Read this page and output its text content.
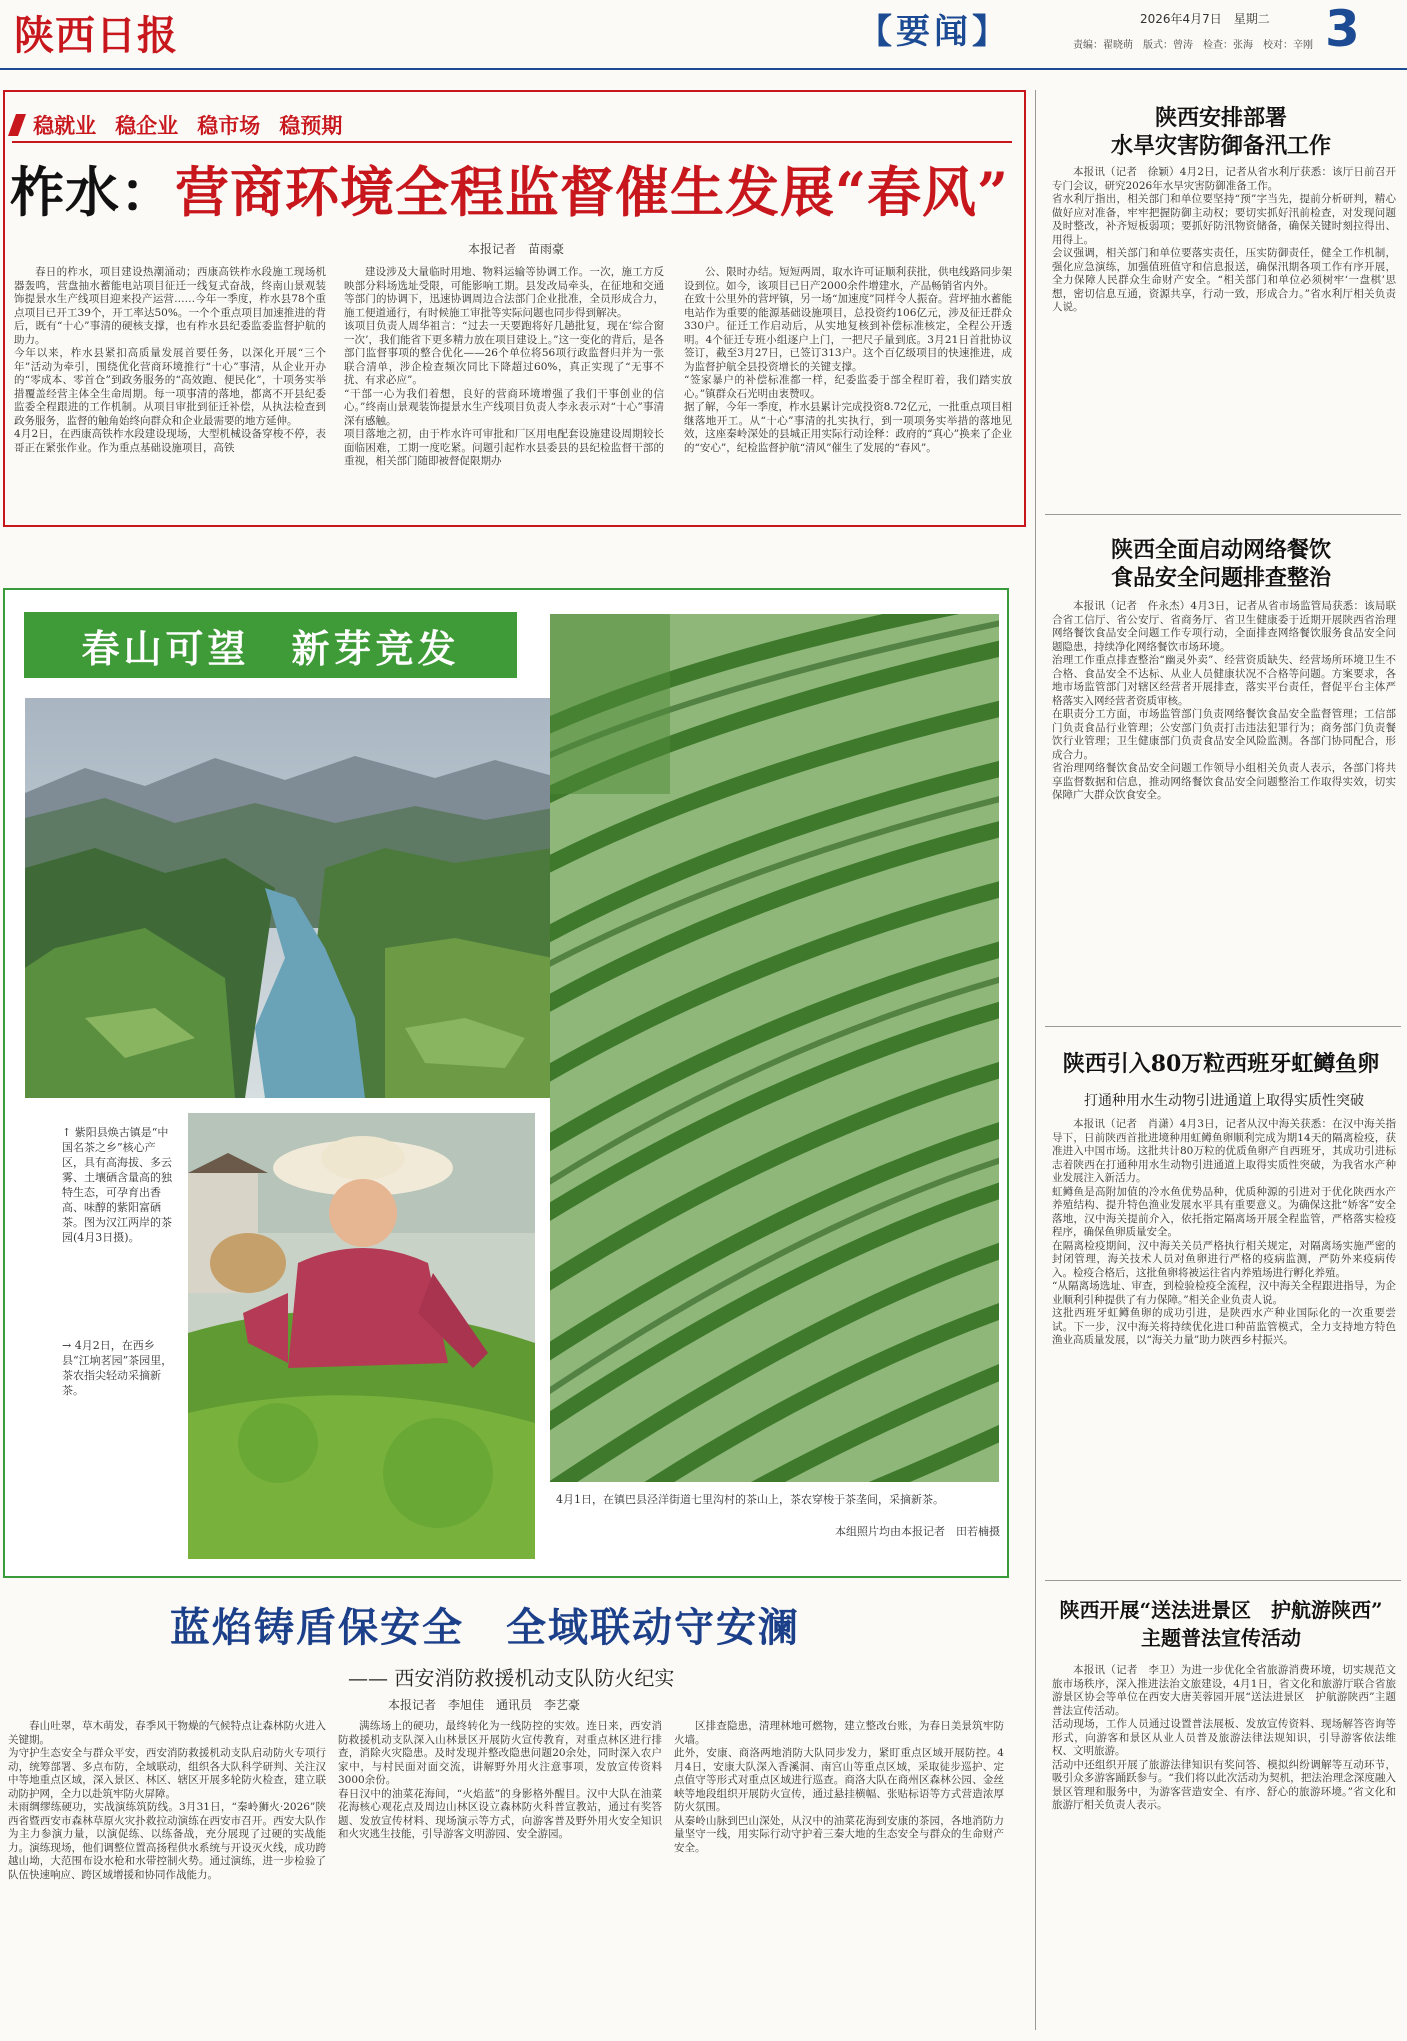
陕西日报	【要闻】	2026年4月7日　星期二
责编：翟晓萌　版式：曾涛　检查：张海　校对：辛刚 3
稳就业 稳企业 稳市场 稳预期
柞水：营商环境全程监督催生发展“春风”
本报记者　苗雨豪

春日的柞水，项目建设热潮涌动；西康高铁柞水段施工现场机器轰鸣，营盘抽水蓄能电站项目征迁一线复式奋战，终南山景观装饰提景水生产线项目迎来投产运营……今年一季度，柞水县78个重点项目已开工39个，开工率达50%。一个个重点项目加速推进的背后，既有“十心”事清的硬核支撑，也有柞水县纪委监委监督护航的助力。
今年以来，柞水县紧扣高质量发展首要任务，以深化开展“三个年”活动为牵引，围绕优化营商环境推行“十心”事清，从企业开办的“零成本、零首仓”到政务服务的“高效跑、便民化”，十项务实举措覆盖经营主体全生命周期。每一项事清的落地，都离不开县纪委监委全程跟进的工作机制。从项目审批到征迁补偿，从执法检查到政务服务，监督的触角始终向群众和企业最需要的地方延伸。
4月2日，在西康高铁柞水段建设现场，大型机械设备穿梭不停，表哥正在紧张作业。作为重点基础设施项目，高铁

建设涉及大量临时用地、物料运输等协调工作。一次，施工方反映部分料场选址受限，可能影响工期。县发改局牵头，在征地和交通等部门的协调下，迅速协调周边合法部门企业批准，全员形成合力，施工便道通行，有时候施工审批等实际问题也同步得到解决。
该项目负责人周华祖言：“过去一天要跑将好几趟批复，现在‘综合窗一次’，我们能省下更多精力放在项目建设上。”这一变化的背后，是各部门监督事项的整合优化——26个单位将56项行政监督归并为一张联合清单，涉企检查频次同比下降超过60%，真正实现了“无事不扰、有求必应”。
“干部一心为我们着想，良好的营商环境增强了我们干事创业的信心。”终南山景观装饰提景水生产线项目负责人李永表示对“十心”事清深有感触。
项目落地之初，由于柞水许可审批和厂区用电配套设施建设周期较长面临困难，工期一度吃紧。问题引起柞水县委县的县纪检监督干部的重视，相关部门随即被督促限期办

公、限时办结。短短两周，取水许可证顺利获批，供电线路同步架设到位。如今，该项目已日产2000余件增建水，产品畅销省内外。
在致十公里外的营坪镇，另一场“加速度”同样令人振奋。营坪抽水蓄能电站作为重要的能源基础设施项目，总投资约106亿元，涉及征迁群众330户。征迁工作启动后，从实地复核到补偿标准核定，全程公开透明。4个征迁专班小组逐户上门，一把尺子量到底。3月21日首批协议签订，截至3月27日，已签订313户。这个百亿级项目的快速推进，成为监督护航全县投资增长的关键支撑。
“签家暴户的补偿标准都一样，纪委监委于部全程盯着，我们踏实放心。”镇群众石光明由衷赞叹。
据了解，今年一季度，柞水县累计完成投资8.72亿元，一批重点项目相继落地开工。从“十心”事清的扎实执行，到一项项务实举措的落地见效，这座秦岭深处的县城正用实际行动诠释：政府的“真心”换来了企业的“安心”，纪检监督护航“清风”催生了发展的“春风”。

春山可望　新芽竞发
↑ 紫阳县焕古镇是“中国名茶之乡”核心产区，具有高海拔、多云雾、土壤硒含量高的独特生态，可孕育出香高、味醇的紫阳富硒茶。图为汉江两岸的茶园(4月3日摄)。
→ 4月2日，在西乡县“江垧茗园”茶园里，茶农指尖轻动采摘新茶。
4月1日，在镇巴县泾洋街道七里沟村的茶山上，茶农穿梭于茶垄间，采摘新茶。
本组照片均由本报记者　田若楠摄
蓝焰铸盾保安全　全域联动守安澜
—— 西安消防救援机动支队防火纪实
本报记者　李旭佳　通讯员　李艺豪

春山吐翠，草木萌发，春季风干物燥的气候特点让森林防火进入关键期。
为守护生态安全与群众平安，西安消防救援机动支队启动防火专项行动，统筹部署、多点布防，全域联动，组织各大队科学研判、关注汉中等地重点区域，深入景区、林区、辖区开展多轮防火检查，建立联动防护网，全力以赴筑牢防火屏障。
未雨绸缪练硬功，实战演练筑防线。3月31日，“秦岭狮火·2026”陕西省暨西安市森林草原火灾扑救拉动演练在西安市召开。西安大队作为主力参演力量，以演促练、以练备战，充分展现了过硬的实战能力。演练现场，他们调整位置高扬程供水系统与开设灭火线，成功跨越山坳，大范围布设水枪和水带控制火势。通过演练，进一步检验了队伍快速响应、跨区域增援和协同作战能力。

满练场上的硬功，最终转化为一线防控的实效。连日来，西安消防救援机动支队深入山林景区开展防火宣传教育，对重点林区进行排查，消除火灾隐患。及时发现并整改隐患问题20余处，同时深入农户家中，与村民面对面交流，讲解野外用火注意事项，发放宣传资料3000余份。
春日汉中的油菜花海间，“火焰蓝”的身影格外醒目。汉中大队在油菜花海核心观花点及周边山林区设立森林防火科普宣教站，通过有奖答题、发放宣传材料、现场演示等方式，向游客普及野外用火安全知识和火灾逃生技能，引导游客文明游园、安全游园。

区排查隐患，清理林地可燃物，建立整改台账，为春日美景筑牢防火墙。
此外，安康、商洛两地消防大队同步发力，紧盯重点区域开展防控。4月4日，安康大队深入香溪洞、南宫山等重点区域，采取徒步巡护、定点值守等形式对重点区域进行巡查。商洛大队在商州区森林公园、金丝峡等地段组织开展防火宣传，通过悬挂横幅、张贴标语等方式营造浓厚防火氛围。
从秦岭山脉到巴山深处，从汉中的油菜花海到安康的茶园，各地消防力量坚守一线，用实际行动守护着三秦大地的生态安全与群众的生命财产安全。

陕西安排部署
水旱灾害防御备汛工作

本报讯（记者　徐颖）4月2日，记者从省水利厅获悉：该厅日前召开专门会议，研究2026年水旱灾害防御准备工作。
省水利厅指出，相关部门和单位要坚持“预”字当先，提前分析研判，精心做好应对准备，牢牢把握防御主动权；要切实抓好汛前检查，对发现问题及时整改，补齐短板弱项；要抓好防汛物资储备，确保关键时刻拉得出、用得上。
会议强调，相关部门和单位要落实责任，压实防御责任，健全工作机制，强化应急演练，加强值班值守和信息报送，确保汛期各项工作有序开展，全力保障人民群众生命财产安全。“相关部门和单位必须树牢‘一盘棋’思想，密切信息互通，资源共享，行动一致，形成合力。”省水利厅相关负责人说。

陕西全面启动网络餐饮
食品安全问题排查整治

本报讯（记者　仵永杰）4月3日，记者从省市场监管局获悉：该局联合省工信厅、省公安厅、省商务厅、省卫生健康委于近期开展陕西省治理网络餐饮食品安全问题工作专项行动，全面排查网络餐饮服务食品安全问题隐患，持续净化网络餐饮市场环境。
治理工作重点排查整治“幽灵外卖”、经营资质缺失、经营场所环境卫生不合格、食品安全不达标、从业人员健康状况不合格等问题。方案要求，各地市场监管部门对辖区经营者开展排查，落实平台责任，督促平台主体严格落实入网经营者资质审核。
在职责分工方面，市场监管部门负责网络餐饮食品安全监督管理；工信部门负责食品行业管理；公安部门负责打击违法犯罪行为；商务部门负责餐饮行业管理；卫生健康部门负责食品安全风险监测。各部门协同配合，形成合力。
省治理网络餐饮食品安全问题工作领导小组相关负责人表示，各部门将共享监督数据和信息，推动网络餐饮食品安全问题整治工作取得实效，切实保障广大群众饮食安全。

陕西引入80万粒西班牙虹鳟鱼卵
打通种用水生动物引进通道上取得实质性突破

本报讯（记者　肖潇）4月3日，记者从汉中海关获悉：在汉中海关指导下，日前陕西首批进境种用虹鳟鱼卵顺利完成为期14天的隔离检疫，获准进入中国市场。这批共计80万粒的优质鱼卵产自西班牙，其成功引进标志着陕西在打通种用水生动物引进通道上取得实质性突破，为我省水产种业发展注入新活力。
虹鳟鱼是高附加值的冷水鱼优势品种，优质种源的引进对于优化陕西水产养殖结构、提升特色渔业发展水平具有重要意义。为确保这批“娇客”安全落地，汉中海关提前介入，依托指定隔离场开展全程监管，严格落实检疫程序，确保鱼卵质量安全。
在隔离检疫期间，汉中海关关员严格执行相关规定，对隔离场实施严密的封闭管理，海关技术人员对鱼卵进行严格的疫病监测，严防外来疫病传入。检疫合格后，这批鱼卵将被运往省内养殖场进行孵化养殖。
“从隔离场选址、审查，到检验检疫全流程，汉中海关全程跟进指导，为企业顺利引种提供了有力保障。”相关企业负责人说。
这批西班牙虹鳟鱼卵的成功引进，是陕西水产种业国际化的一次重要尝试。下一步，汉中海关将持续优化进口种苗监管模式，全力支持地方特色渔业高质量发展，以“海关力量”助力陕西乡村振兴。

陕西开展“送法进景区　护航游陕西”
主题普法宣传活动

本报讯（记者　李卫）为进一步优化全省旅游消费环境，切实规范文旅市场秩序，深入推进法治文旅建设，4月1日，省文化和旅游厅联合省旅游景区协会等单位在西安大唐芙蓉园开展“送法进景区　护航游陕西”主题普法宣传活动。
活动现场，工作人员通过设置普法展板、发放宣传资料、现场解答咨询等形式，向游客和景区从业人员普及旅游法律法规知识，引导游客依法维权、文明旅游。
活动中还组织开展了旅游法律知识有奖问答、模拟纠纷调解等互动环节，吸引众多游客踊跃参与。“我们将以此次活动为契机，把法治理念深度融入景区管理和服务中，为游客营造安全、有序、舒心的旅游环境。”省文化和旅游厅相关负责人表示。
